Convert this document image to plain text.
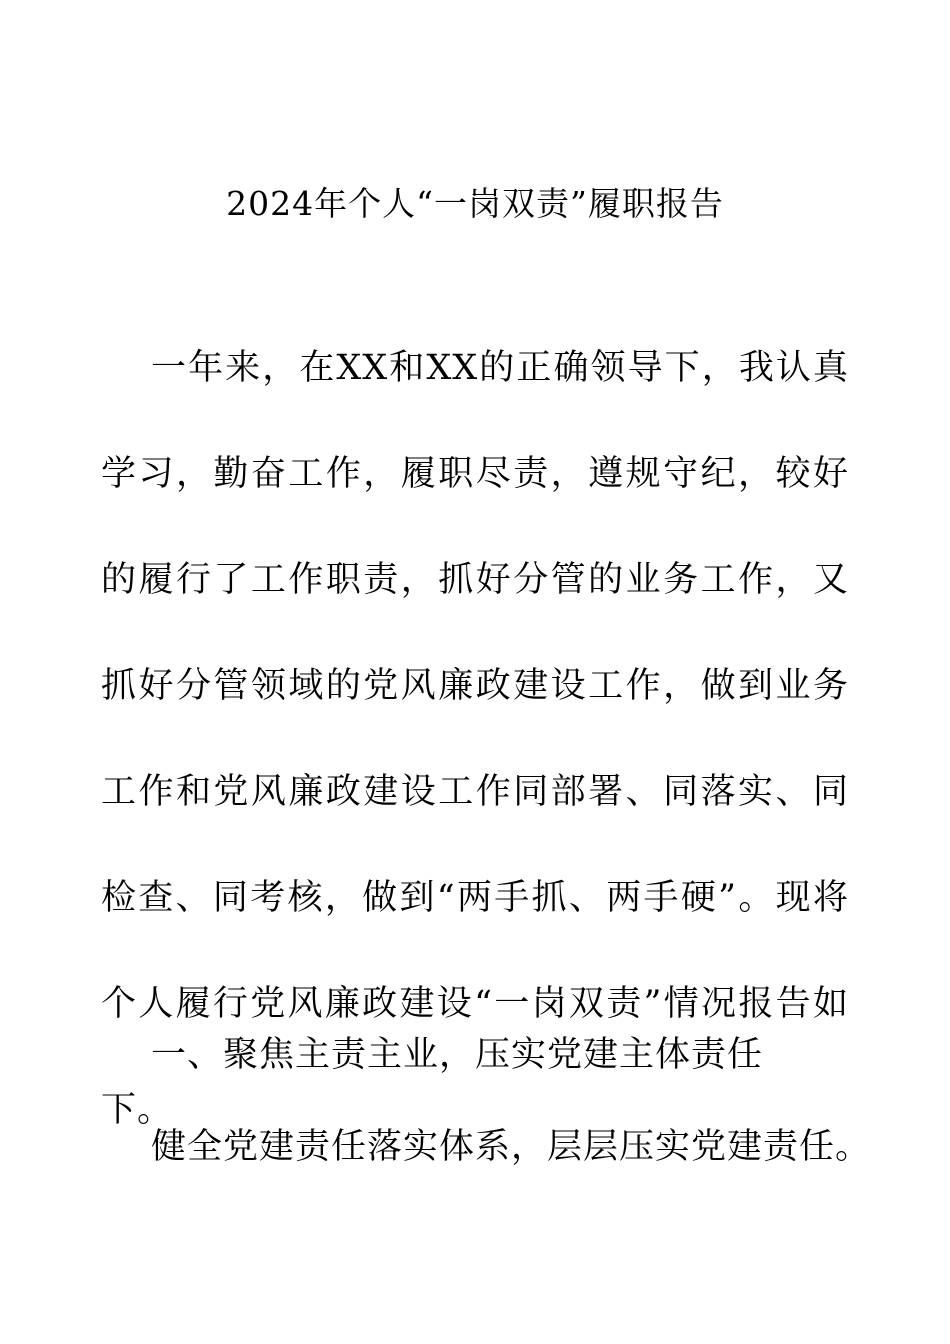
2024年个人“一岗双责”履职报告
一年来，在XX和XX的正确领导下，我认真学习，勤奋工作，履职尽责，遵规守纪，较好的履行了工作职责，抓好分管的业务工作，又抓好分管领域的党风廉政建设工作，做到业务工作和党风廉政建设工作同部署、同落实、同检查、同考核，做到“两手抓、两手硬”。现将个人履行党风廉政建设“一岗双责”情况报告如下。
一、聚焦主责主业，压实党建主体责任
健全党建责任落实体系，层层压实党建责任。
